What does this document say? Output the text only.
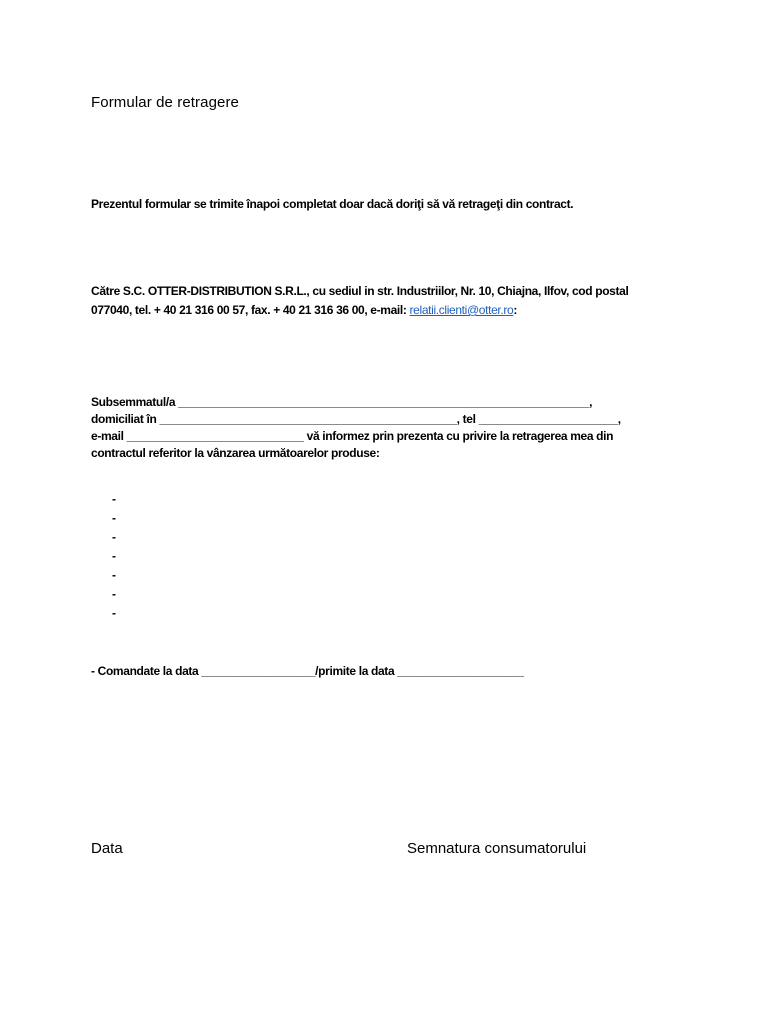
Formular de retragere
Prezentul formular se trimite înapoi completat doar dacă doriţi să vă retrageţi din contract.
Către S.C. OTTER-DISTRIBUTION S.R.L., cu sediul in str. Industriilor, Nr. 10, Chiajna, Ilfov, cod postal
077040, tel. + 40 21 316 00 57, fax. + 40 21 316 36 00, e-mail: relatii.clienti@otter.ro:
Subsemmatul/a _________________________________________________________________,
domiciliat în _______________________________________________, tel ______________________,
e-mail ____________________________ vă informez prin prezenta cu privire la retragerea mea din
contractul referitor la vânzarea următoarelor produse:
-
-
-
-
-
-
-
- Comandate la data __________________/primite la data ____________________
Data	Semnatura consumatorului
